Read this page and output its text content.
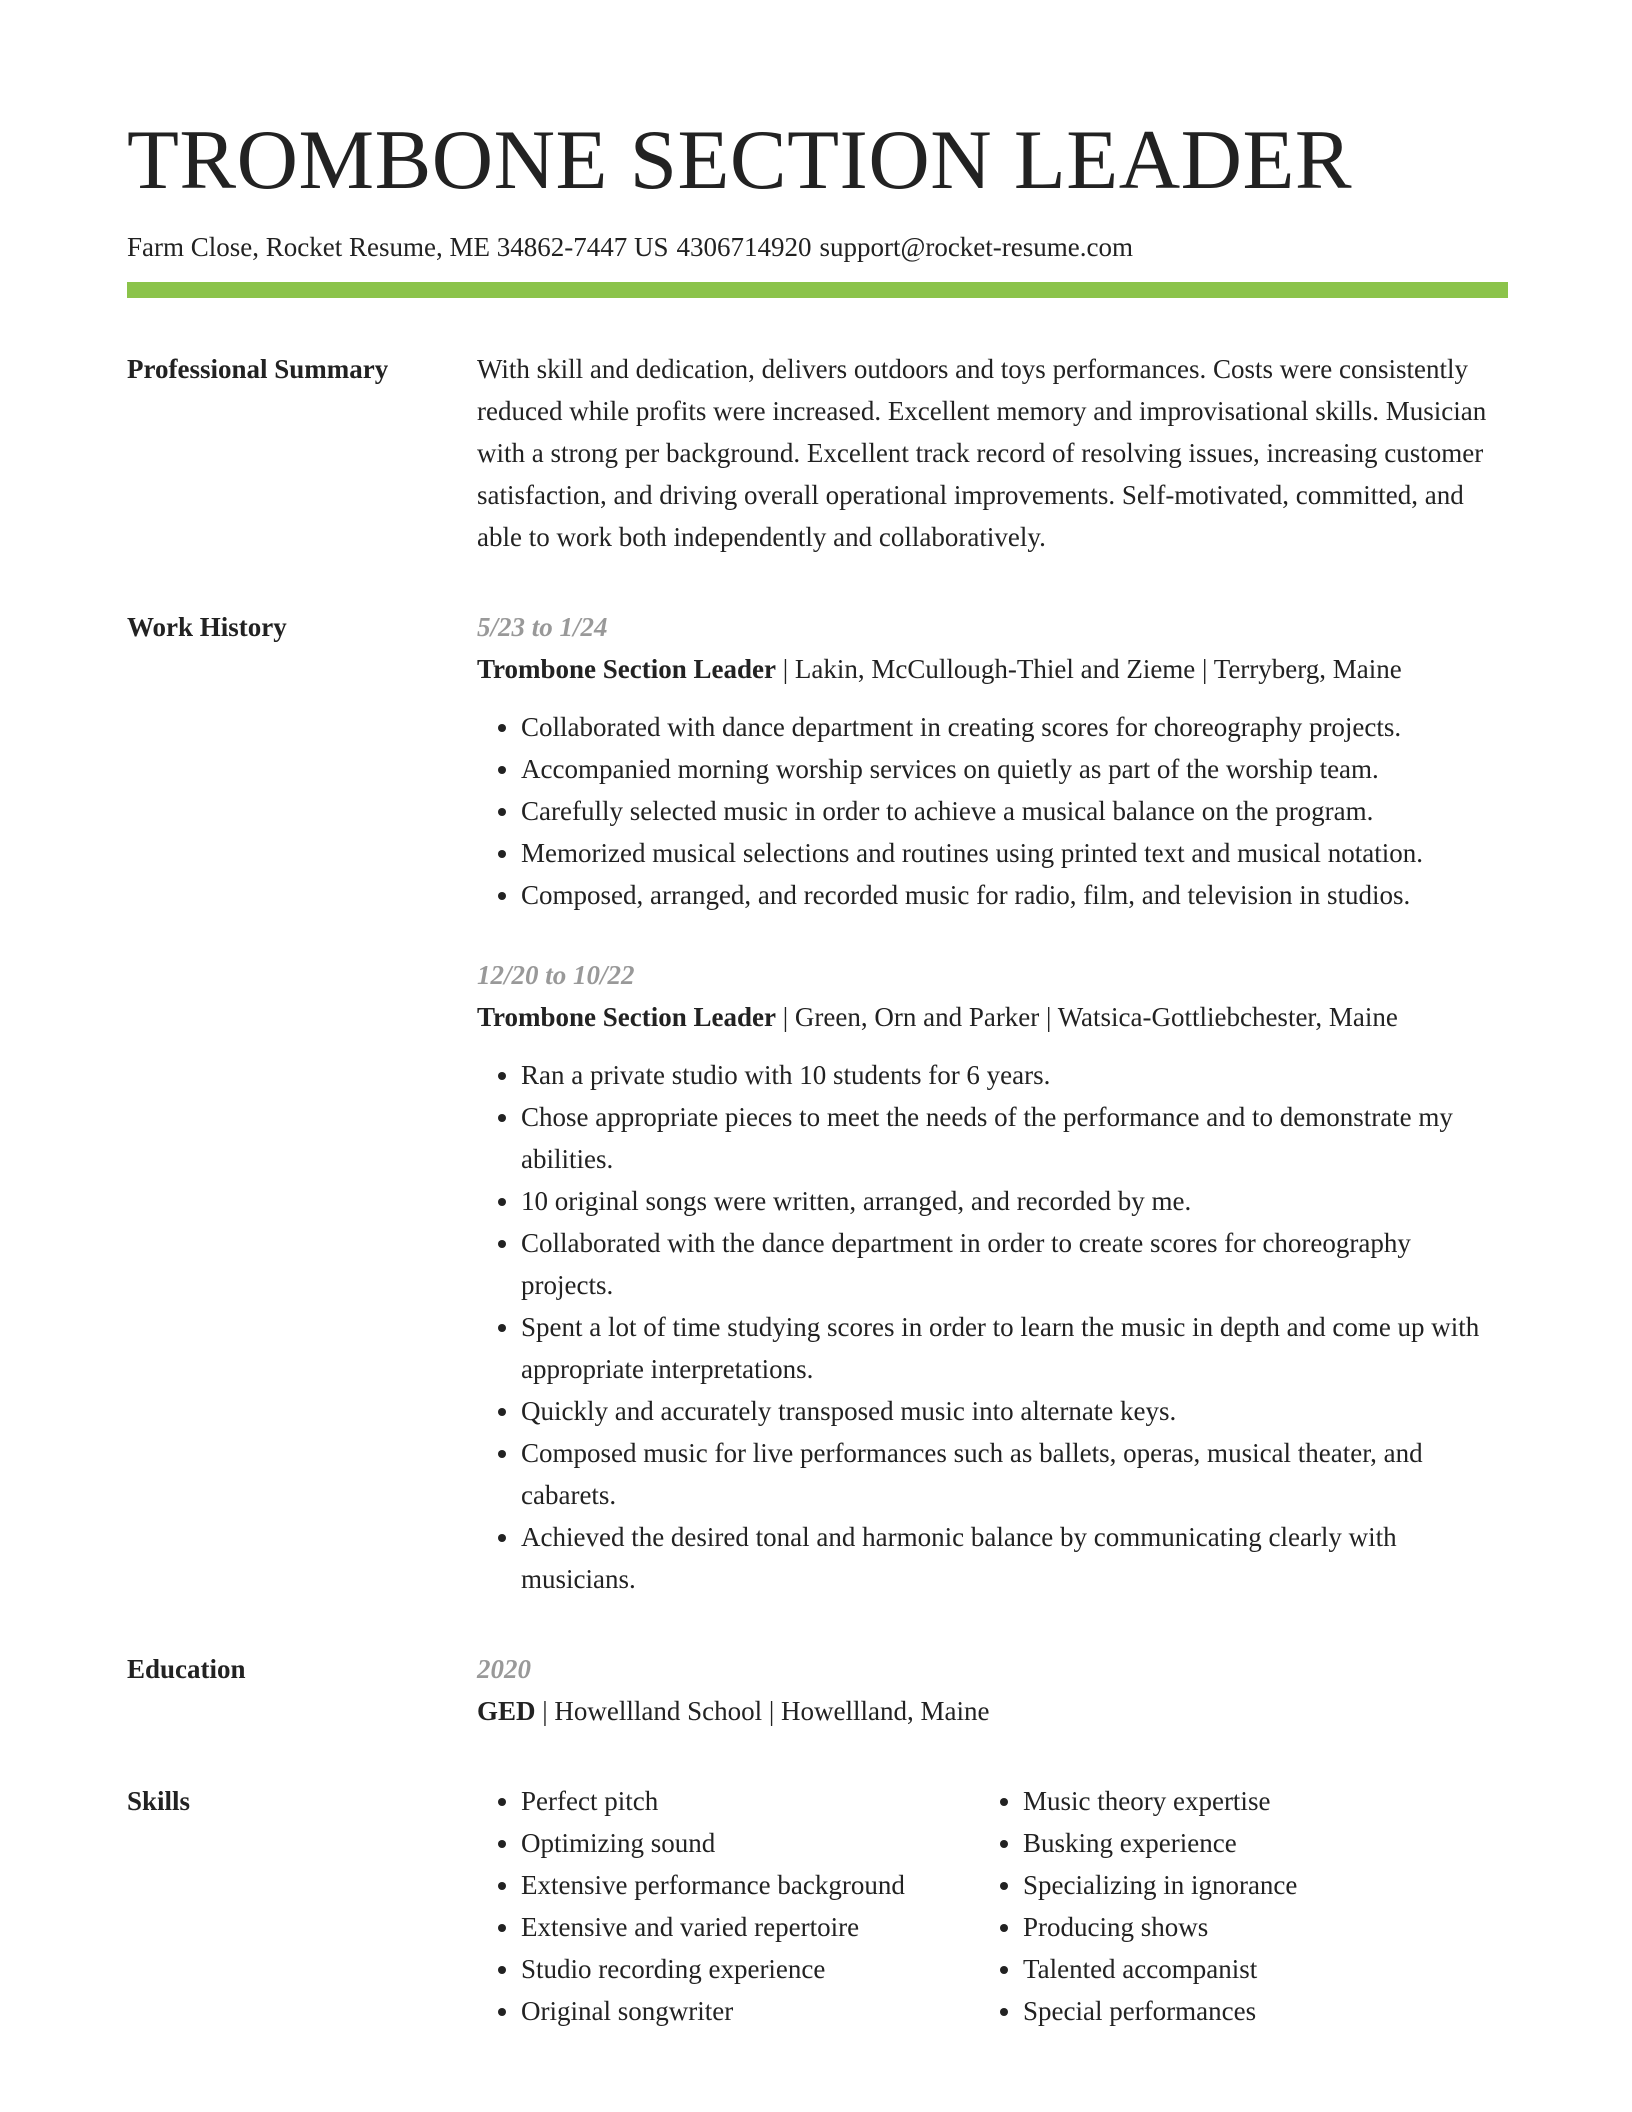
TROMBONE SECTION LEADER
Farm Close, Rocket Resume, ME 34862-7447 US 4306714920 support@rocket-resume.com
Professional Summary	With skill and dedication, delivers outdoors and toys performances. Costs were consistently reduced while profits were increased. Excellent memory and improvisational skills. Musician with a strong per background. Excellent track record of resolving issues, increasing customer satisfaction, and driving overall operational improvements. Self-motivated, committed, and able to work both independently and collaboratively.

Work History	5/23 to 1/24
Trombone Section Leader | Lakin, McCullough-Thiel and Zieme | Terryberg, Maine
• Collaborated with dance department in creating scores for choreography projects.
• Accompanied morning worship services on quietly as part of the worship team.
• Carefully selected music in order to achieve a musical balance on the program.
• Memorized musical selections and routines using printed text and musical notation.
• Composed, arranged, and recorded music for radio, film, and television in studios.
12/20 to 10/22
Trombone Section Leader | Green, Orn and Parker | Watsica-Gottliebchester, Maine
• Ran a private studio with 10 students for 6 years.
• Chose appropriate pieces to meet the needs of the performance and to demonstrate my abilities.
• 10 original songs were written, arranged, and recorded by me.
• Collaborated with the dance department in order to create scores for choreography projects.
• Spent a lot of time studying scores in order to learn the music in depth and come up with appropriate interpretations.
• Quickly and accurately transposed music into alternate keys.
• Composed music for live performances such as ballets, operas, musical theater, and cabarets.
• Achieved the desired tonal and harmonic balance by communicating clearly with musicians.
Education	2020
GED | Howellland School | Howellland, Maine
Skills
•	Perfect pitch
• Optimizing sound
• Extensive performance background
• Extensive and varied repertoire
• Studio recording experience
• Original songwriter
• Music theory expertise
• Busking experience
• Specializing in ignorance
• Producing shows
• Talented accompanist
• Special performances
